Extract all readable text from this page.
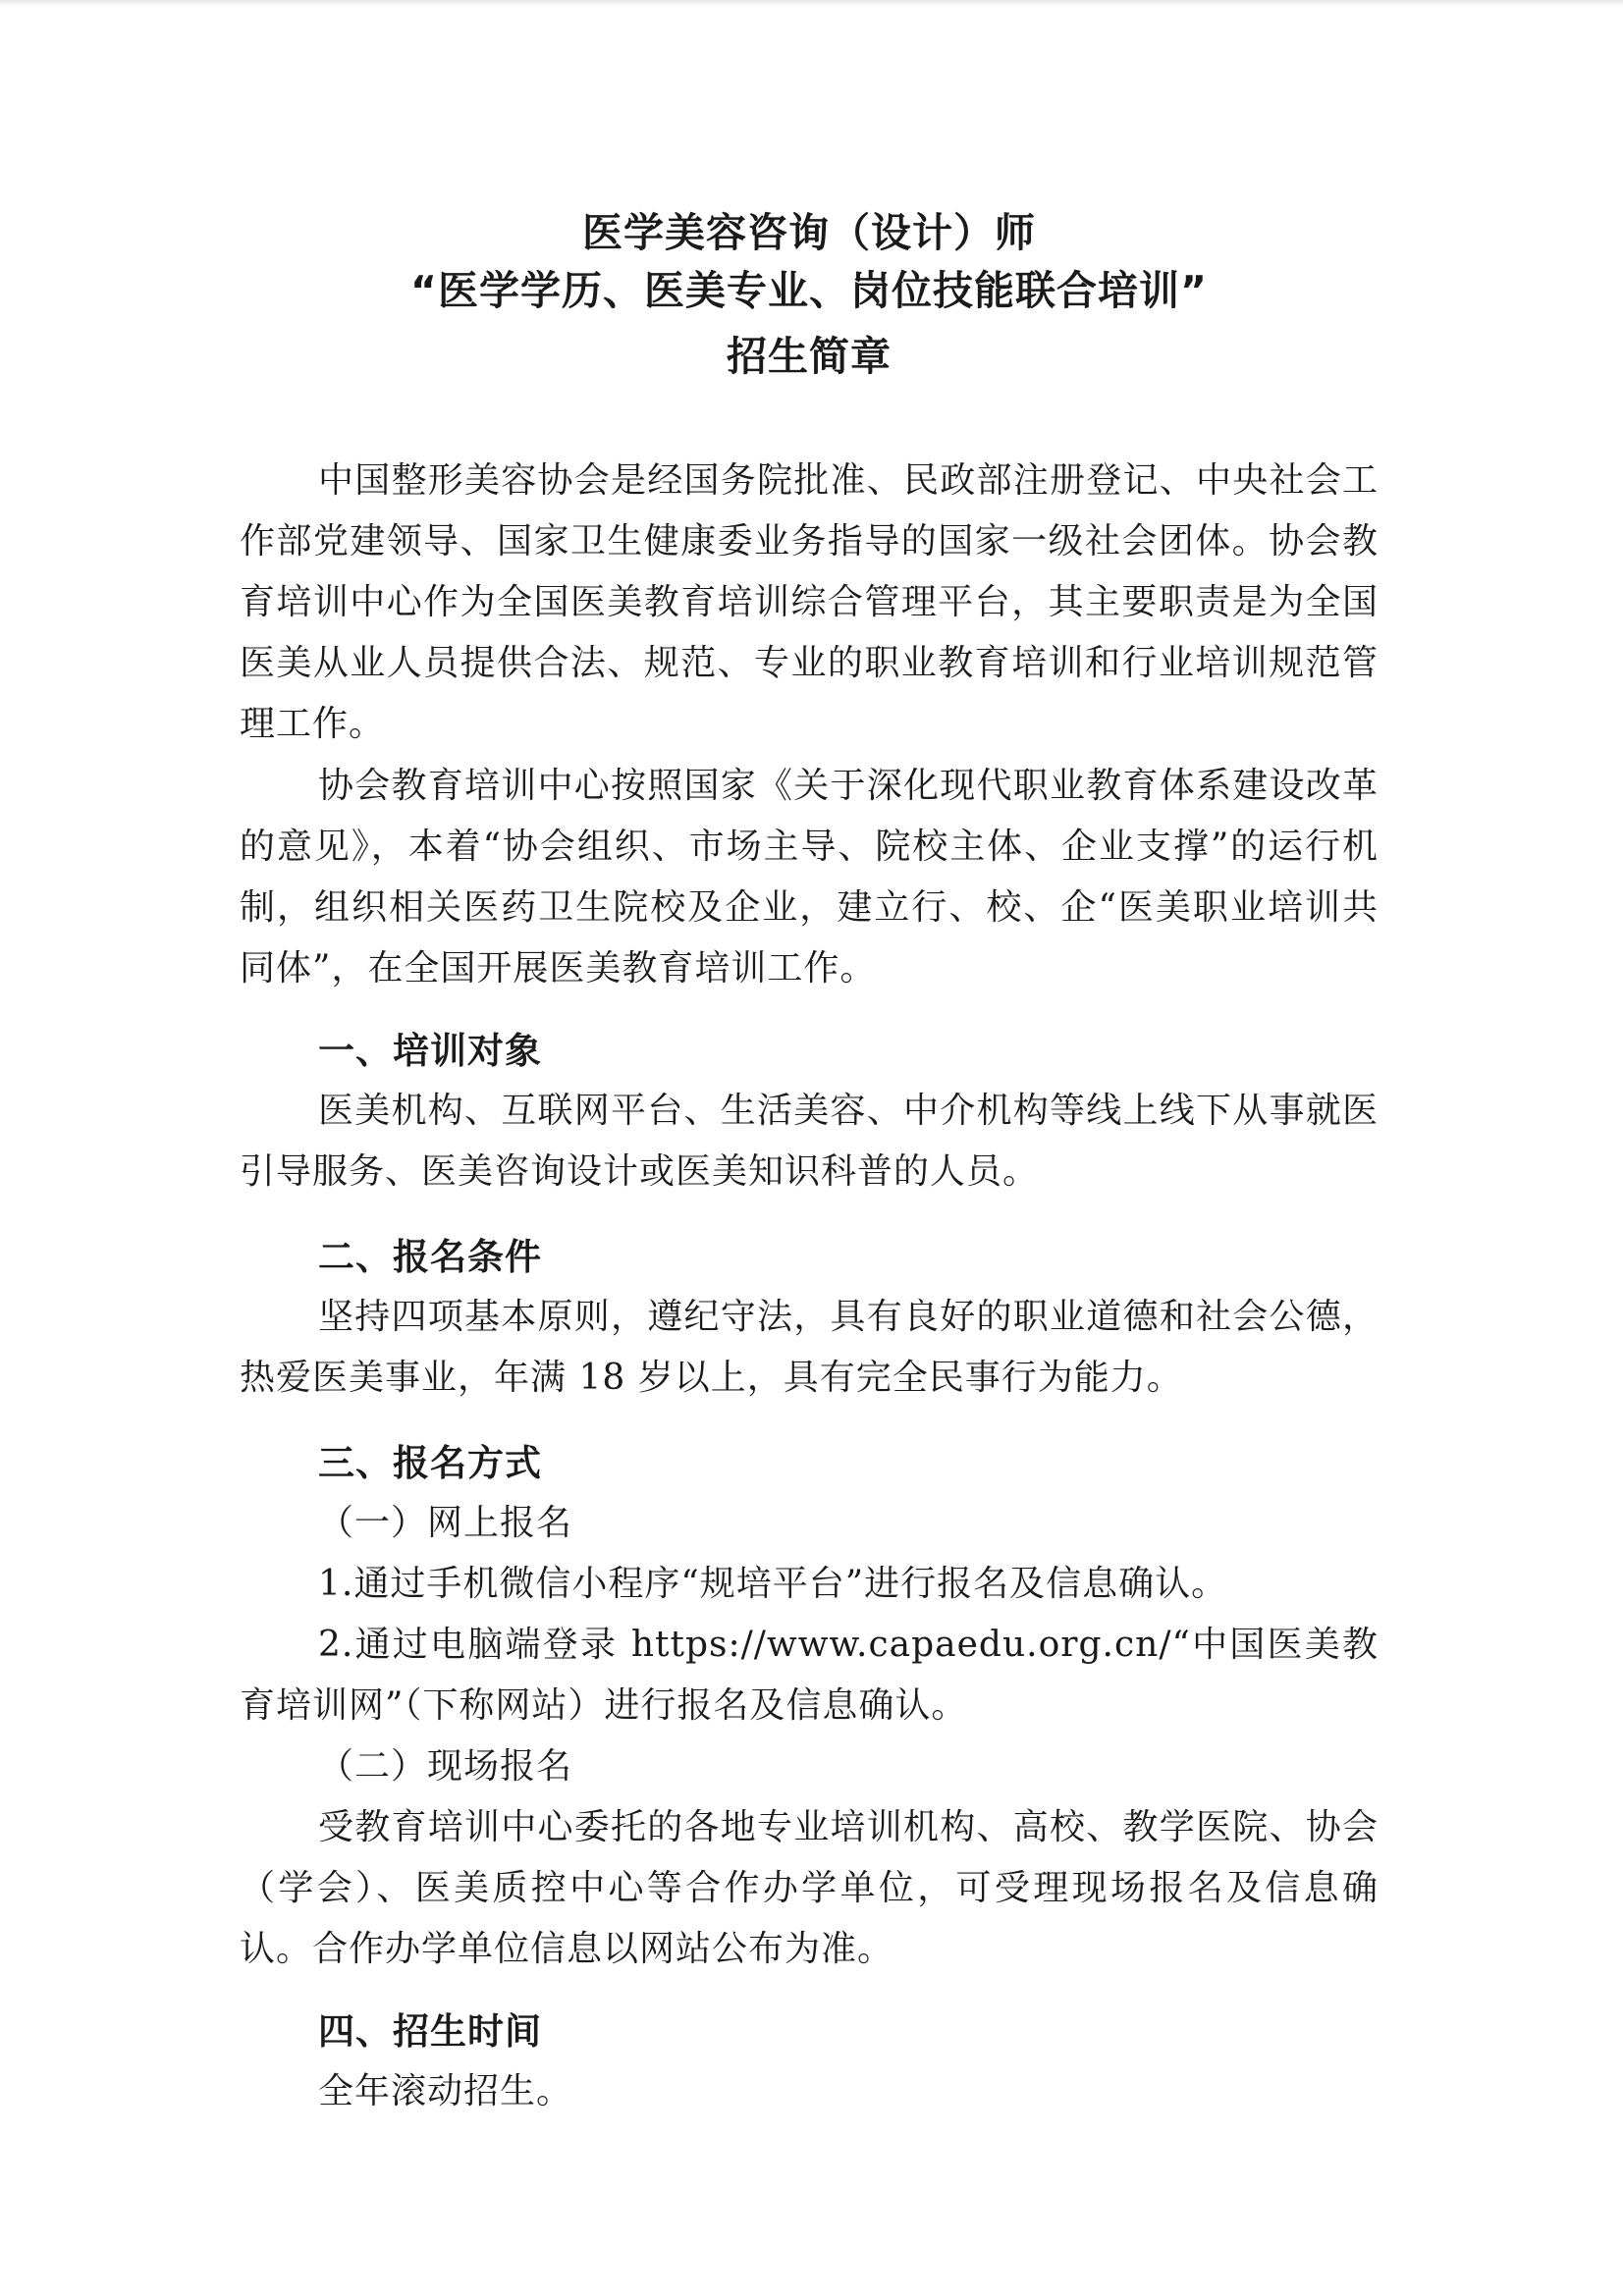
医学美容咨询（设计）师
“医学学历、医美专业、岗位技能联合培训”
招生简章

中国整形美容协会是经国务院批准、民政部注册登记、中央社会工作部党建领导、国家卫生健康委业务指导的国家一级社会团体。协会教育培训中心作为全国医美教育培训综合管理平台，其主要职责是为全国医美从业人员提供合法、规范、专业的职业教育培训和行业培训规范管理工作。

协会教育培训中心按照国家《关于深化现代职业教育体系建设改革的意见》，本着“协会组织、市场主导、院校主体、企业支撑”的运行机制，组织相关医药卫生院校及企业，建立行、校、企“医美职业培训共同体”，在全国开展医美教育培训工作。

一、培训对象

医美机构、互联网平台、生活美容、中介机构等线上线下从事就医引导服务、医美咨询设计或医美知识科普的人员。

二、报名条件

坚持四项基本原则，遵纪守法，具有良好的职业道德和社会公德，热爱医美事业，年满 18 岁以上，具有完全民事行为能力。

三、报名方式

（一）网上报名

1.通过手机微信小程序“规培平台”进行报名及信息确认。

2.通过电脑端登录 https://www.capaedu.org.cn/“中国医美教育培训网”（下称网站）进行报名及信息确认。

（二）现场报名

受教育培训中心委托的各地专业培训机构、高校、教学医院、协会（学会）、医美质控中心等合作办学单位，可受理现场报名及信息确认。合作办学单位信息以网站公布为准。

四、招生时间

全年滚动招生。
